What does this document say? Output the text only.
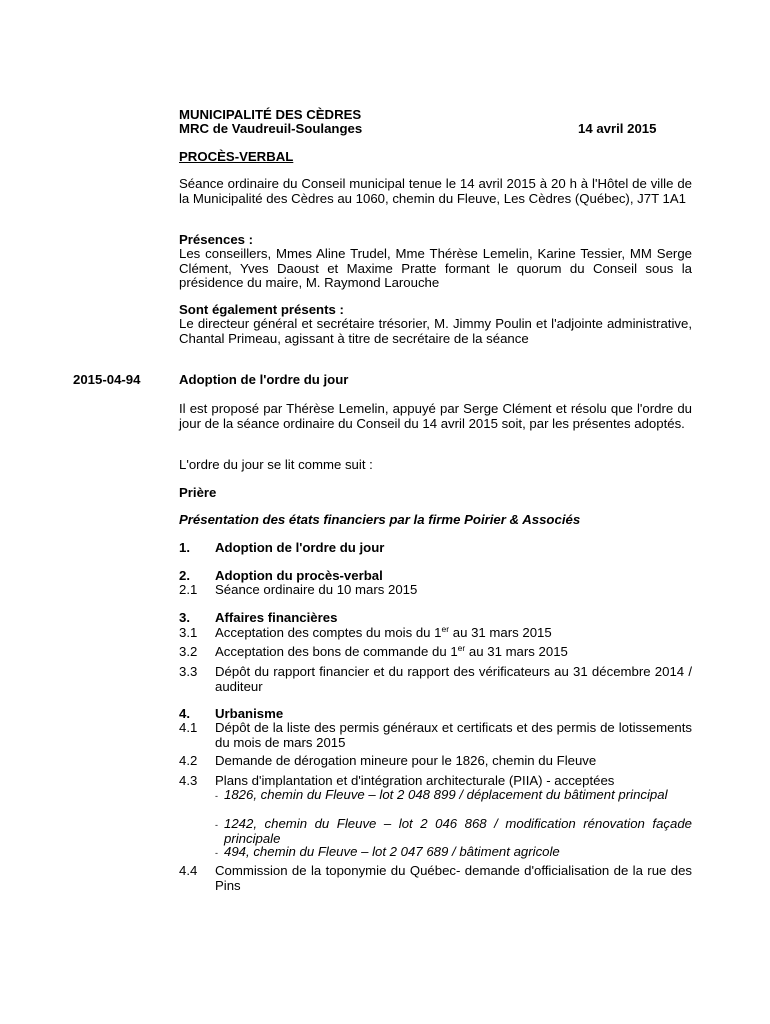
MUNICIPALITÉ DES CÈDRES
MRC de Vaudreuil-Soulanges	14 avril 2015
PROCÈS-VERBAL
Séance ordinaire du Conseil municipal tenue le 14 avril 2015 à 20 h à l'Hôtel de ville de la Municipalité des Cèdres au 1060, chemin du Fleuve, Les Cèdres (Québec), J7T 1A1
Présences :
Les conseillers, Mmes Aline Trudel, Mme Thérèse Lemelin, Karine Tessier, MM Serge Clément, Yves Daoust et Maxime Pratte formant le quorum du Conseil sous la présidence du maire, M. Raymond Larouche
Sont également présents :
Le directeur général et secrétaire trésorier, M. Jimmy Poulin et l'adjointe administrative, Chantal Primeau, agissant à titre de secrétaire de la séance
2015-04-94	Adoption de l'ordre du jour
Il est proposé par Thérèse Lemelin, appuyé par Serge Clément et résolu que l'ordre du jour de la séance ordinaire du Conseil du 14 avril 2015 soit, par les présentes adoptés.
L'ordre du jour se lit comme suit :
Prière
Présentation des états financiers par la firme Poirier & Associés
1. Adoption de l'ordre du jour
2. Adoption du procès-verbal
2.1 Séance ordinaire du 10 mars 2015
3. Affaires financières
3.1 Acceptation des comptes du mois du 1er au 31 mars 2015
3.2 Acceptation des bons de commande du 1er au 31 mars 2015
3.3 Dépôt du rapport financier et du rapport des vérificateurs au 31 décembre 2014 / auditeur
4. Urbanisme
4.1 Dépôt de la liste des permis généraux et certificats et des permis de lotissements du mois de mars 2015
4.2 Demande de dérogation mineure pour le 1826, chemin du Fleuve
4.3 Plans d'implantation et d'intégration architecturale (PIIA) - acceptées
- 1826, chemin du Fleuve – lot 2 048 899 / déplacement du bâtiment principal
- 1242, chemin du Fleuve – lot 2 046 868 / modification rénovation façade principale
- 494, chemin du Fleuve – lot 2 047 689 / bâtiment agricole
4.4 Commission de la toponymie du Québec- demande d'officialisation de la rue des Pins
